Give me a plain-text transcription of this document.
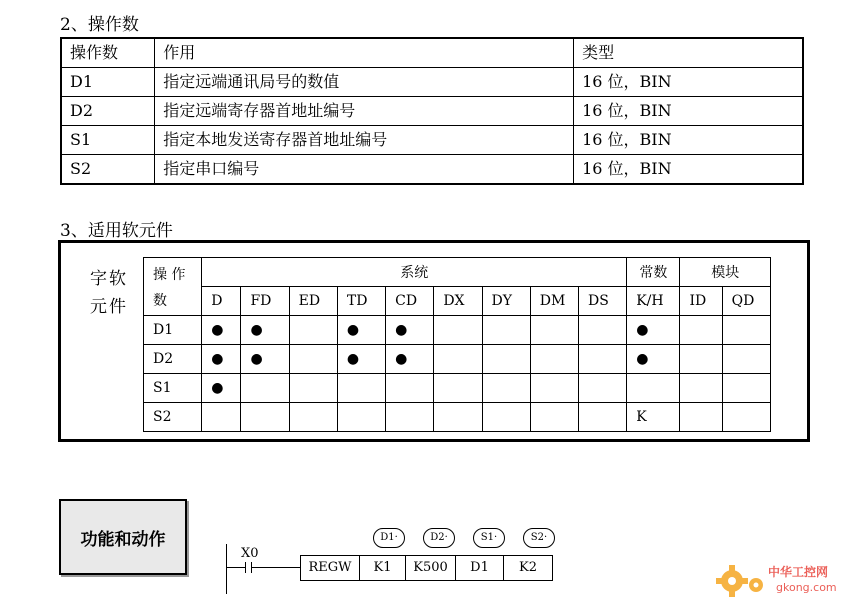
2、操作数
操作数	作用	类型
D1	指定远端通讯局号的数值	16 位，BIN
D2	指定远端寄存器首地址编号	16 位，BIN
S1	指定本地发送寄存器首地址编号	16 位，BIN
S2	指定串口编号	16 位，BIN
3、适用软元件
字软
元件
操 作
数	系统									常数	模块	
	D	FD	ED	TD	CD	DX	DY	DM	DS	K/H	ID	QD
D1	●	●		●	●					●		
D2	●	●		●	●					●		
S1	●											
S2										K		
功能和动作
X0
REGW	K1	K500	D1	K2
D1·	D2·	S1·	S2·
中华工控网
gkong.com
